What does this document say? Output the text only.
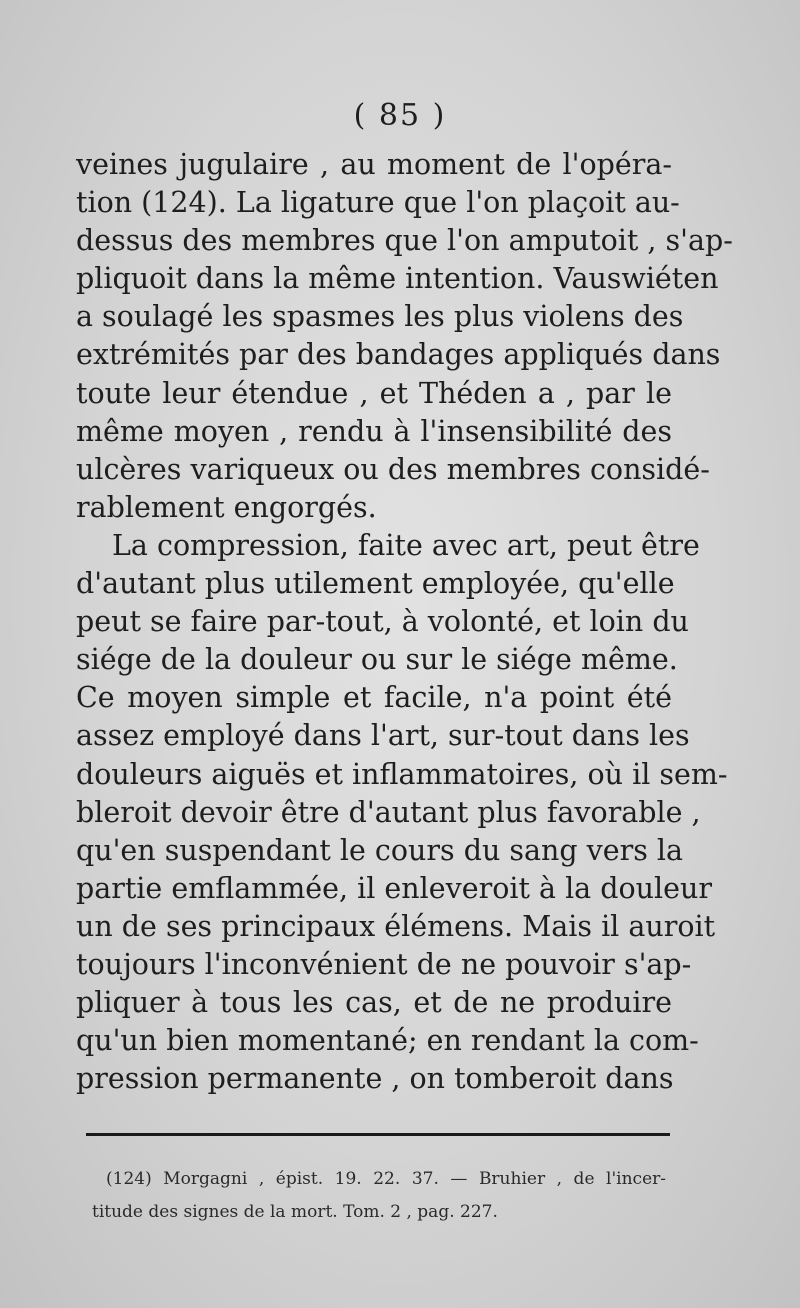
( 85 )
veines jugulaire , au moment de l'opéra-
tion (124). La ligature que l'on plaçoit au-
dessus des membres que l'on amputoit , s'ap-
pliquoit dans la même intention. Vauswiéten
a soulagé les spasmes les plus violens des
extrémités par des bandages appliqués dans
toute leur étendue , et Théden a , par le
même moyen , rendu à l'insensibilité des
ulcères variqueux ou des membres considé-
rablement engorgés.
La compression, faite avec art, peut être
d'autant plus utilement employée, qu'elle
peut se faire par-tout, à volonté, et loin du
siége de la douleur ou sur le siége même.
Ce moyen simple et facile, n'a point été
assez employé dans l'art, sur-tout dans les
douleurs aiguës et inflammatoires, où il sem-
bleroit devoir être d'autant plus favorable ,
qu'en suspendant le cours du sang vers la
partie emflammée, il enleveroit à la douleur
un de ses principaux élémens. Mais il auroit
toujours l'inconvénient de ne pouvoir s'ap-
pliquer à tous les cas, et de ne produire
qu'un bien momentané; en rendant la com-
pression permanente , on tomberoit dans
(124) Morgagni , épist. 19. 22. 37. — Bruhier , de l'incer-
titude des signes de la mort. Tom. 2 , pag. 227.
